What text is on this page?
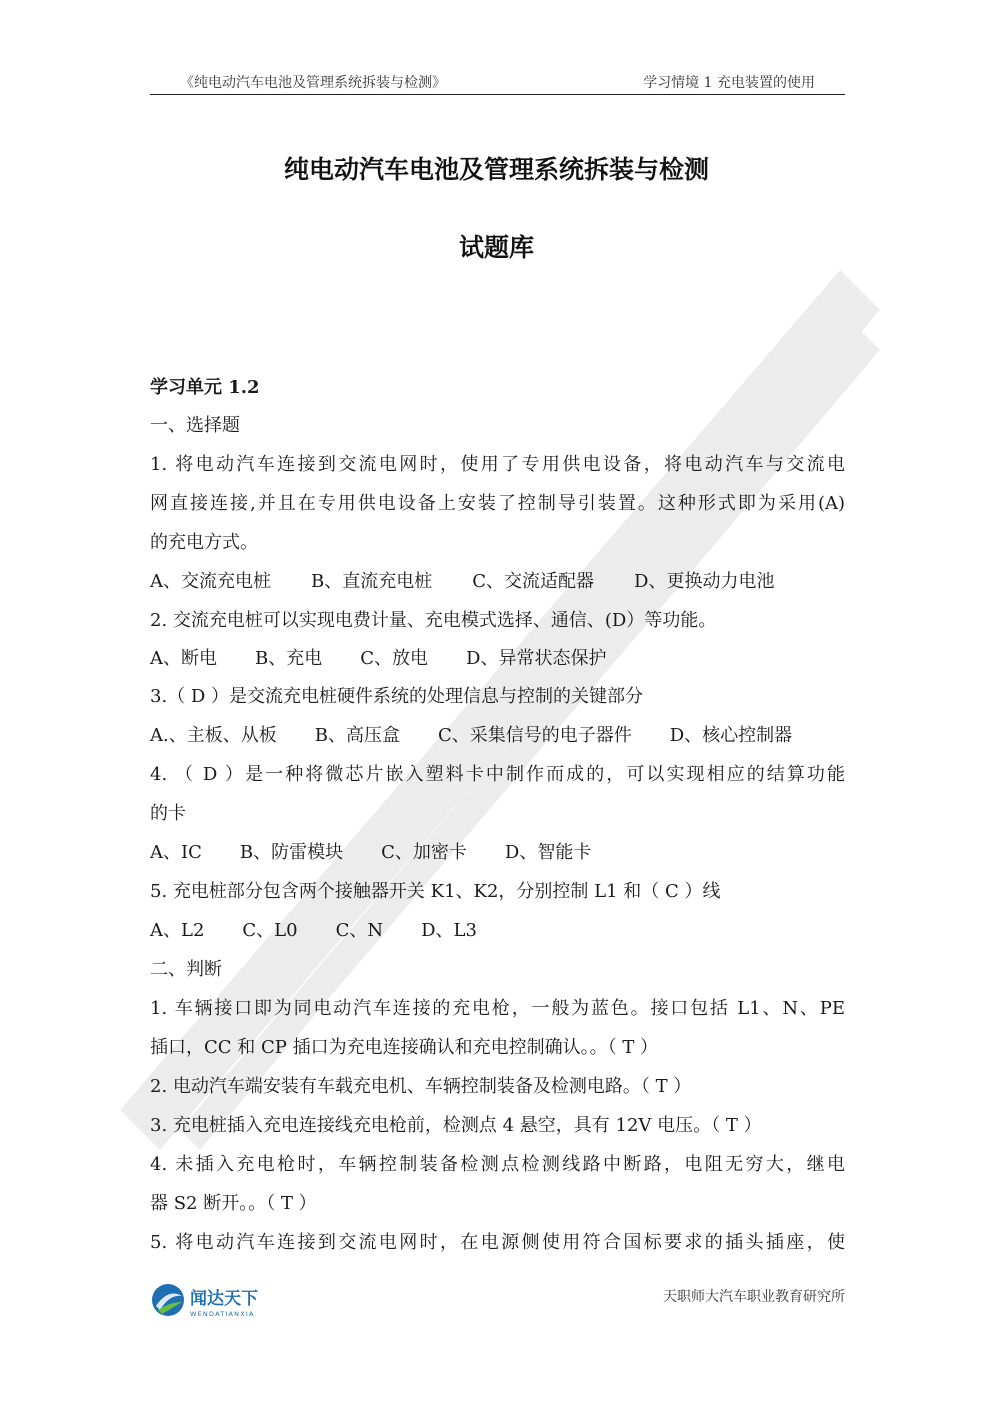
《纯电动汽车电池及管理系统拆装与检测》	学习情境 1 充电装置的使用
纯电动汽车电池及管理系统拆装与检测
试题库
学习单元 1.2
一、选择题
1. 将电动汽车连接到交流电网时，使用了专用供电设备，将电动汽车与交流电
网直接连接,并且在专用供电设备上安装了控制导引装置。这种形式即为采用(A)
的充电方式。
A、交流充电桩 B、直流充电桩 C、交流适配器 D、更换动力电池
2. 交流充电桩可以实现电费计量、充电模式选择、通信、(D）等功能。
A、断电 B、充电 C、放电 D、异常状态保护
3.（ D ）是交流充电桩硬件系统的处理信息与控制的关键部分
A.、主板、从板 B、高压盒 C、采集信号的电子器件 D、核心控制器
4. （ D ）是一种将微芯片嵌入塑料卡中制作而成的，可以实现相应的结算功能
的卡
A、IC B、防雷模块 C、加密卡 D、智能卡
5. 充电桩部分包含两个接触器开关 K1、K2，分别控制 L1 和（ C ）线
A、L2 C、L0 C、N D、L3
二、判断
1. 车辆接口即为同电动汽车连接的充电枪，一般为蓝色。接口包括 L1、N、PE
插口，CC 和 CP 插口为充电连接确认和充电控制确认。。（ T ）
2. 电动汽车端安装有车载充电机、车辆控制装备及检测电路。（ T ）
3. 充电桩插入充电连接线充电枪前，检测点 4 悬空，具有 12V 电压。（ T ）
4. 未插入充电枪时，车辆控制装备检测点检测线路中断路，电阻无穷大，继电
器 S2 断开。。（ T ）
5. 将电动汽车连接到交流电网时，在电源侧使用符合国标要求的插头插座，使
闻达天下
WENDATIANXIA
天职师大汽车职业教育研究所
